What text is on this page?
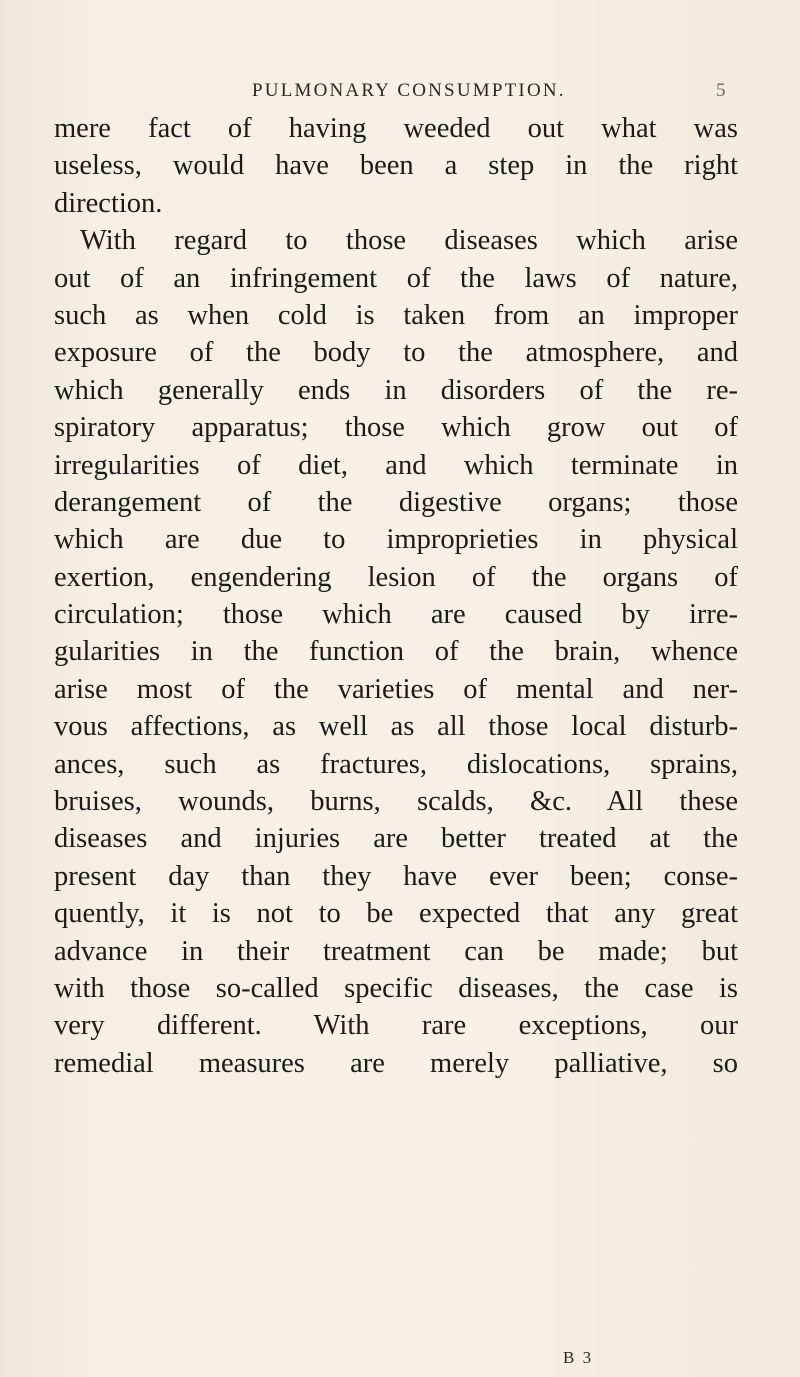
PULMONARY CONSUMPTION.	5
mere fact of having weeded out what was
useless, would have been a step in the right
direction.
With regard to those diseases which arise
out of an infringement of the laws of nature,
such as when cold is taken from an improper
exposure of the body to the atmosphere, and
which generally ends in disorders of the re-
spiratory apparatus; those which grow out of
irregularities of diet, and which terminate in
derangement of the digestive organs; those
which are due to improprieties in physical
exertion, engendering lesion of the organs of
circulation; those which are caused by irre-
gularities in the function of the brain, whence
arise most of the varieties of mental and ner-
vous affections, as well as all those local disturb-
ances, such as fractures, dislocations, sprains,
bruises, wounds, burns, scalds, &c. All these
diseases and injuries are better treated at the
present day than they have ever been; conse-
quently, it is not to be expected that any great
advance in their treatment can be made; but
with those so-called specific diseases, the case is
very different. With rare exceptions, our
remedial measures are merely palliative, so
B 3
